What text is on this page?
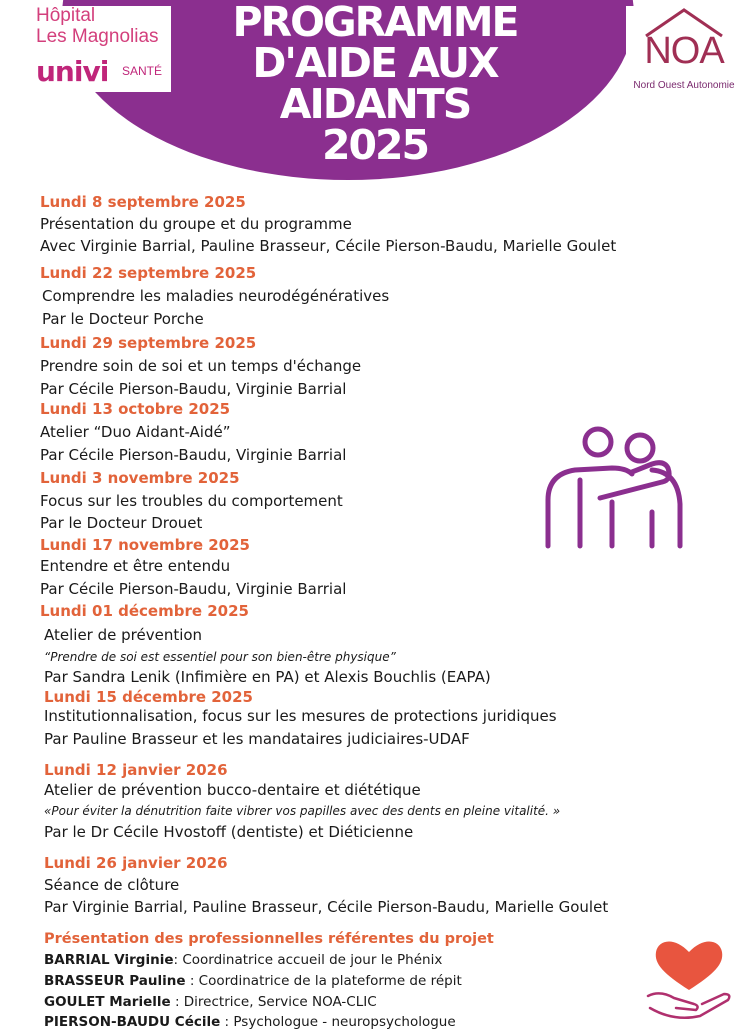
PROGRAMME
D'AIDE AUX
AIDANTS
2025
Hôpital
Les Magnolias
univi SANTÉ	NOA
Nord Ouest Autonomie
Lundi 8 septembre 2025
Présentation du groupe et du programme
Avec Virginie Barrial, Pauline Brasseur, Cécile Pierson-Baudu, Marielle Goulet
Lundi 22 septembre 2025
Comprendre les maladies neurodégénératives
Par le Docteur Porche
Lundi 29 septembre 2025
Prendre soin de soi et un temps d'échange
Par Cécile Pierson-Baudu, Virginie Barrial
Lundi 13 octobre 2025
Atelier “Duo Aidant-Aidé”
Par Cécile Pierson-Baudu, Virginie Barrial
Lundi 3 novembre 2025
Focus sur les troubles du comportement
Par le Docteur Drouet
Lundi 17 novembre 2025
Entendre et être entendu
Par Cécile Pierson-Baudu, Virginie Barrial
Lundi 01 décembre 2025
Atelier de prévention
“Prendre de soi est essentiel pour son bien-être physique”
Par Sandra Lenik (Infimière en PA) et Alexis Bouchlis (EAPA)
Lundi 15 décembre 2025
Institutionnalisation, focus sur les mesures de protections juridiques
Par Pauline Brasseur et les mandataires judiciaires-UDAF
Lundi 12 janvier 2026
Atelier de prévention bucco-dentaire et diététique
«Pour éviter la dénutrition faite vibrer vos papilles avec des dents en pleine vitalité. »
Par le Dr Cécile Hvostoff (dentiste) et Diéticienne
Lundi 26 janvier 2026
Séance de clôture
Par Virginie Barrial, Pauline Brasseur, Cécile Pierson-Baudu, Marielle Goulet
Présentation des professionnelles référentes du projet
BARRIAL Virginie: Coordinatrice accueil de jour le Phénix
BRASSEUR Pauline : Coordinatrice de la plateforme de répit
GOULET Marielle : Directrice, Service NOA-CLIC
PIERSON-BAUDU Cécile : Psychologue - neuropsychologue
